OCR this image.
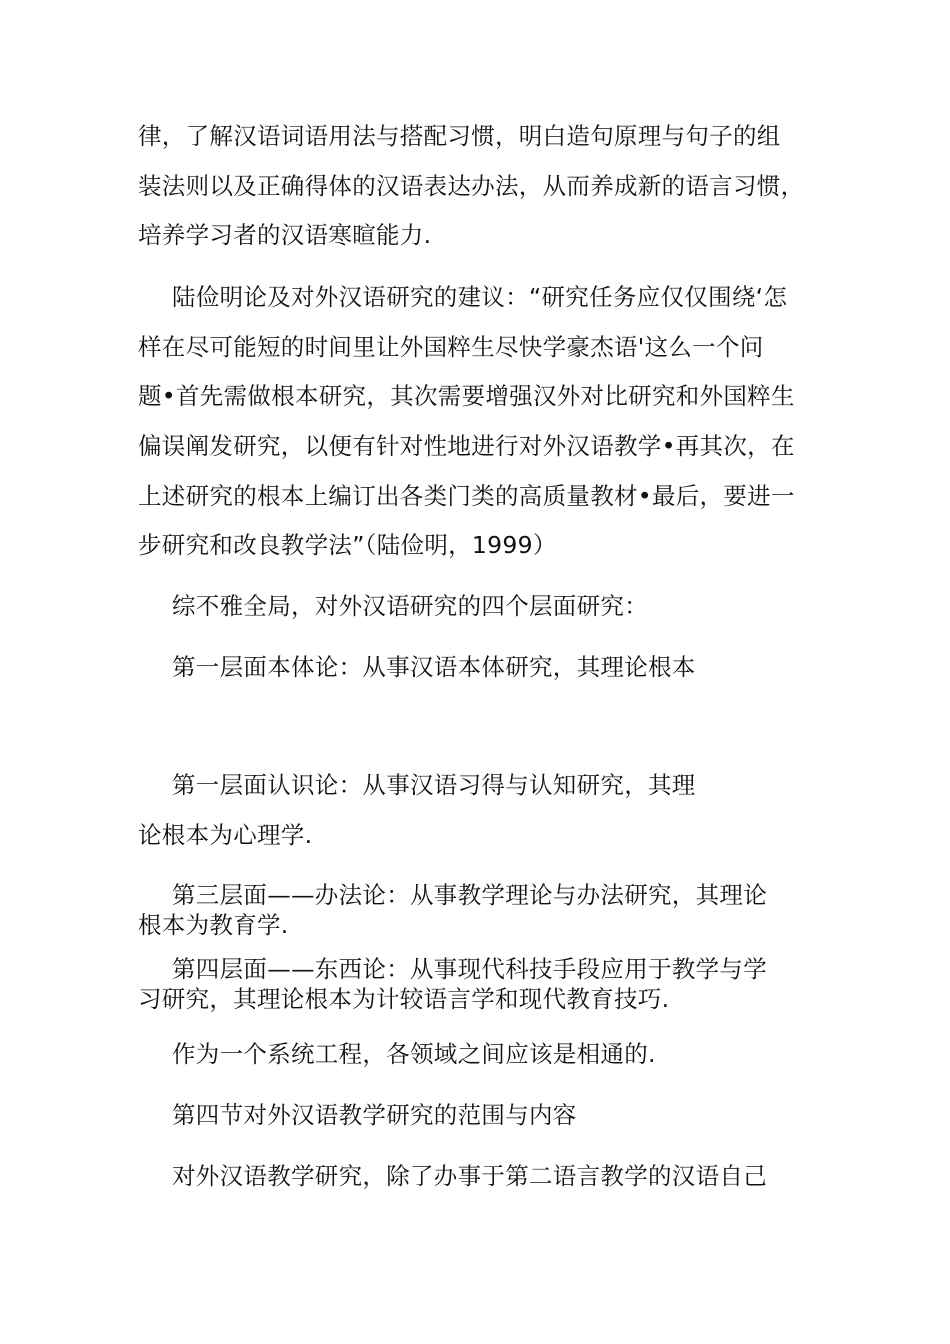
律，了解汉语词语用法与搭配习惯，明白造句原理与句子的组
装法则以及正确得体的汉语表达办法，从而养成新的语言习惯，
培养学习者的汉语寒暄能力.
陆俭明论及对外汉语研究的建议：“研究任务应仅仅围绕‘怎
样在尽可能短的时间里让外国粹生尽快学豪杰语'这么一个问
题•首先需做根本研究，其次需要增强汉外对比研究和外国粹生
偏误阐发研究，以便有针对性地进行对外汉语教学•再其次，在
上述研究的根本上编订出各类门类的高质量教材•最后，要进一
步研究和改良教学法”（陆俭明，1999）
综不雅全局，对外汉语研究的四个层面研究：
第一层面本体论：从事汉语本体研究，其理论根本
第一层面认识论：从事汉语习得与认知研究，其理
论根本为心理学.
第三层面——办法论：从事教学理论与办法研究，其理论
根本为教育学.
第四层面——东西论：从事现代科技手段应用于教学与学
习研究，其理论根本为计较语言学和现代教育技巧.
作为一个系统工程，各领域之间应该是相通的.
第四节对外汉语教学研究的范围与内容
对外汉语教学研究，除了办事于第二语言教学的汉语自己
